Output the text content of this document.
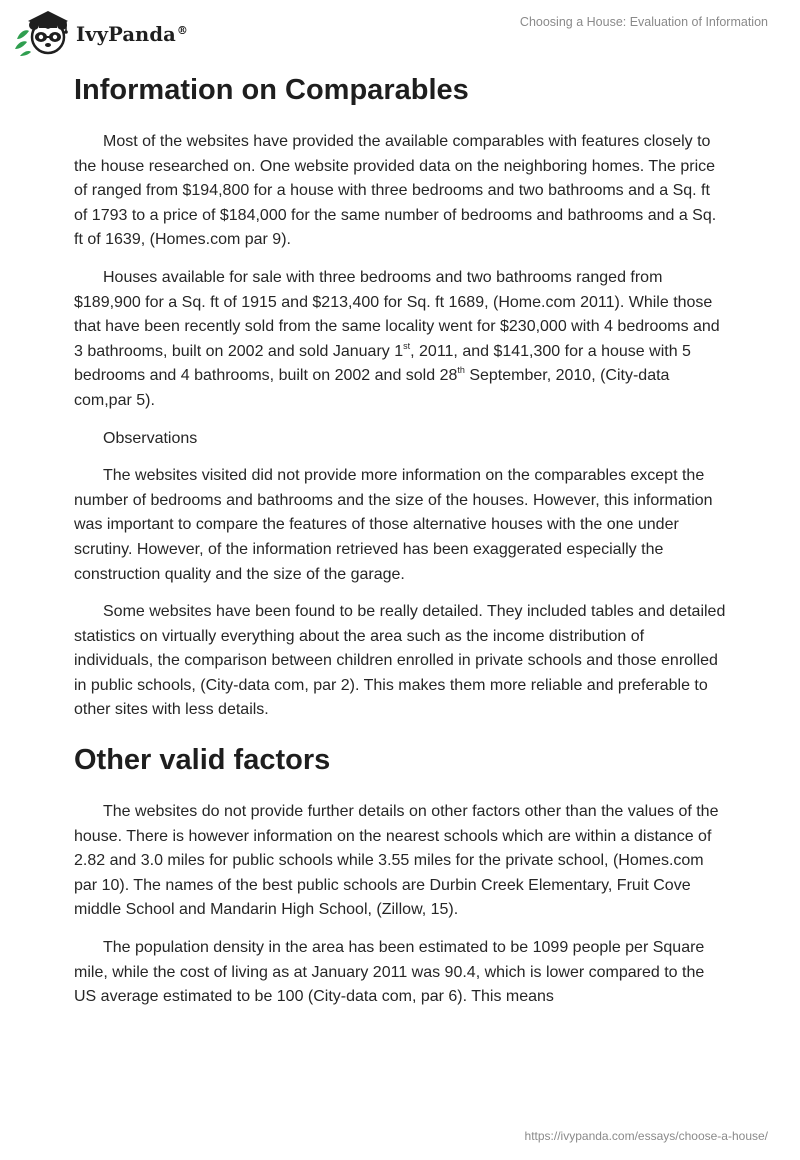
IvyPanda®
Choosing a House: Evaluation of Information
Information on Comparables

Most of the websites have provided the available comparables with features closely to the house researched on. One website provided data on the neighboring homes. The price of ranged from $194,800 for a house with three bedrooms and two bathrooms and a Sq. ft of 1793 to a price of $184,000 for the same number of bedrooms and bathrooms and a Sq. ft of 1639, (Homes.com par 9).

Houses available for sale with three bedrooms and two bathrooms ranged from $189,900 for a Sq. ft of 1915 and $213,400 for Sq. ft 1689, (Home.com 2011). While those that have been recently sold from the same locality went for $230,000 with 4 bedrooms and 3 bathrooms, built on 2002 and sold January 1st, 2011, and $141,300 for a house with 5 bedrooms and 4 bathrooms, built on 2002 and sold 28th September, 2010, (City-data com,par 5).

Observations

The websites visited did not provide more information on the comparables except the number of bedrooms and bathrooms and the size of the houses. However, this information was important to compare the features of those alternative houses with the one under scrutiny. However, of the information retrieved has been exaggerated especially the construction quality and the size of the garage.

Some websites have been found to be really detailed. They included tables and detailed statistics on virtually everything about the area such as the income distribution of individuals, the comparison between children enrolled in private schools and those enrolled in public schools, (City-data com, par 2). This makes them more reliable and preferable to other sites with less details.

Other valid factors

The websites do not provide further details on other factors other than the values of the house. There is however information on the nearest schools which are within a distance of 2.82 and 3.0 miles for public schools while 3.55 miles for the private school, (Homes.com par 10). The names of the best public schools are Durbin Creek Elementary, Fruit Cove middle School and Mandarin High School, (Zillow, 15).

The population density in the area has been estimated to be 1099 people per Square mile, while the cost of living as at January 2011 was 90.4, which is lower compared to the US average estimated to be 100 (City-data com, par 6). This means

https://ivypanda.com/essays/choose-a-house/
